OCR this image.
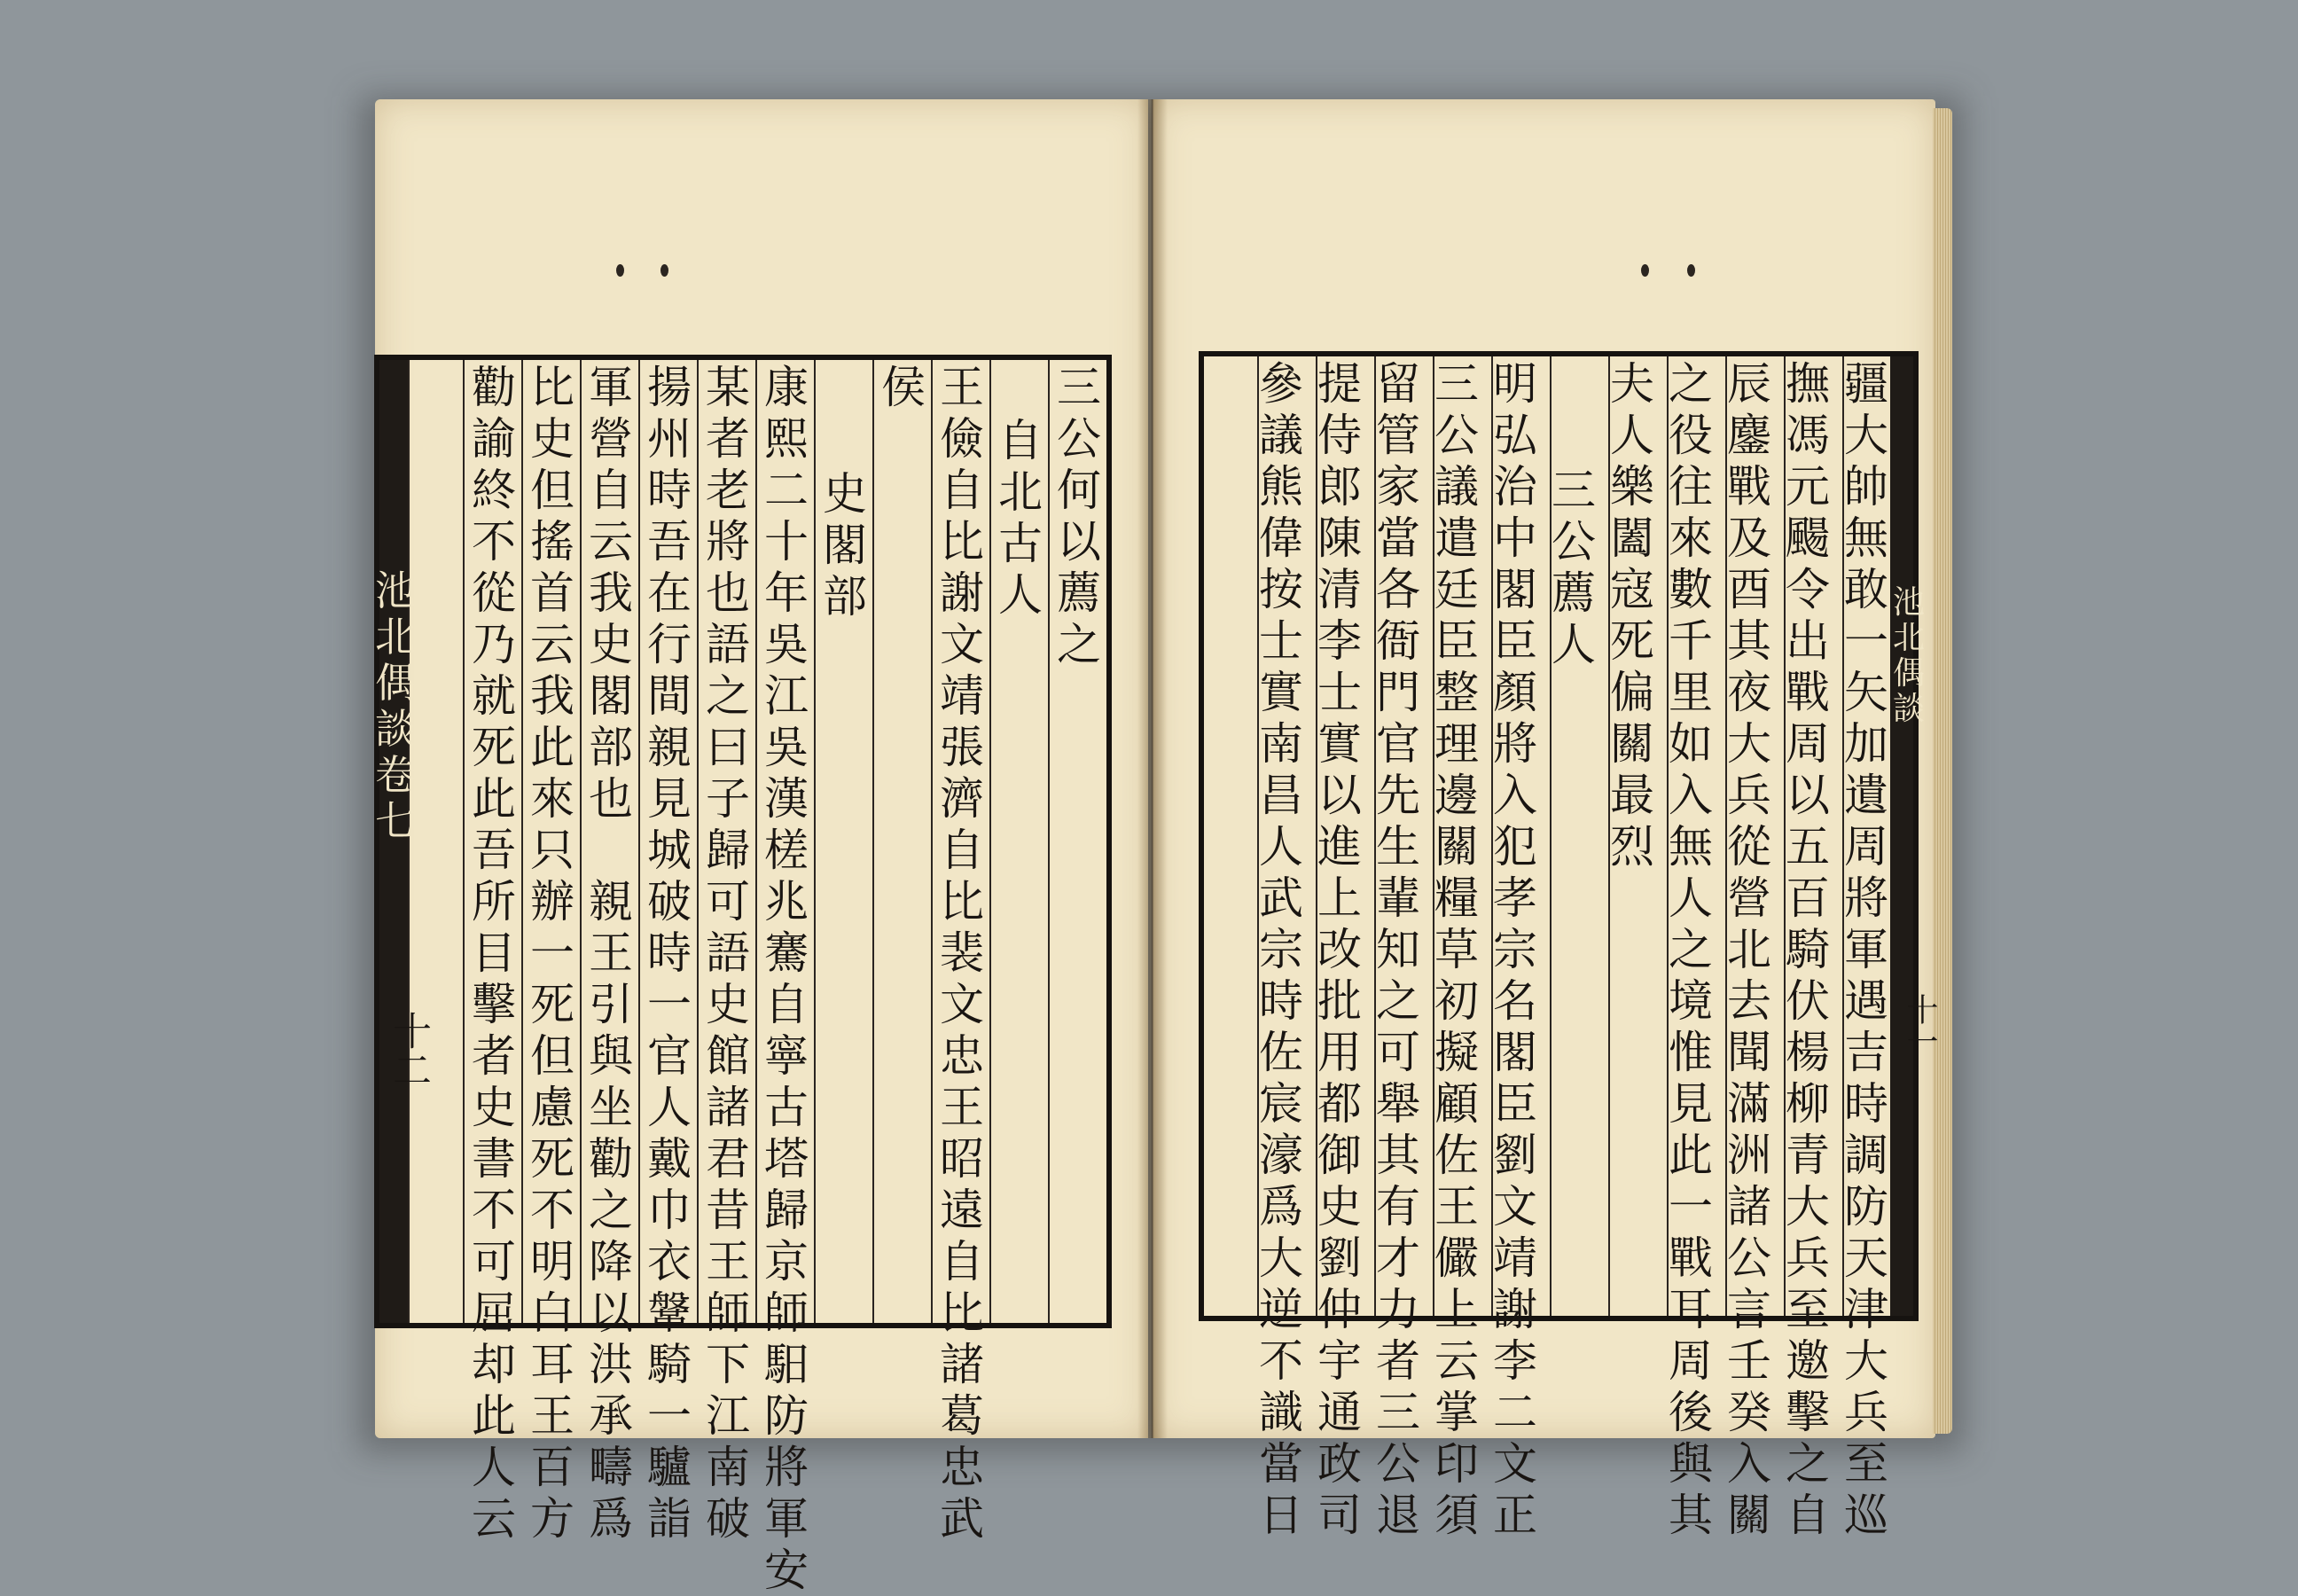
池
北
偶
談
卷
七
十二
三
公
何
以
薦
之
自
北
古
人
王
儉
自
比
謝
文
靖
張
濟
自
比
裴
文
忠
王
昭
遠
自
比
諸
葛
忠
武
侯
史
閣
部
康
熙
二
十
年
吳
江
吳
漢
槎
兆
騫
自
寧
古
塔
歸
京
師
馹
防
將
軍
安
某
者
老
將
也
語
之
曰
子
歸
可
語
史
館
諸
君
昔
王
師
下
江
南
破
揚
州
時
吾
在
行
間
親
見
城
破
時
一
官
人
戴
巾
衣
鞶
騎
一
驢
詣
軍
營
自
云
我
史
閣
部
也

親
王
引
與
坐
勸
之
降
以
洪
承
疇
爲
比
史
但
搖
首
云
我
此
來
只
辦
一
死
但
慮
死
不
明
白
耳
王
百
方
勸
諭
終
不
從
乃
就
死
此
吾
所
目
擊
者
史
書
不
可
屈
却
此
人
云
池
北
偶
談
十一
疆
大
帥
無
敢
一
矢
加
遺
周
將
軍
遇
吉
時
調
防
天
津
大
兵
至
巡
撫
馮
元
颺
令
出
戰
周
以
五
百
騎
伏
楊
柳
青
大
兵
至
邀
擊
之
自
辰
鏖
戰
及
酉
其
夜
大
兵
從
營
北
去
聞
滿
洲
諸
公
言
壬
癸
入
關
之
役
往
來
數
千
里
如
入
無
人
之
境
惟
見
此
一
戰
耳
周
後
與
其
夫
人
樂
闔
寇
死
偏
關
最
烈
三
公
薦
人
明
弘
治
中
閣
臣
顏
將
入
犯
孝
宗
名
閣
臣
劉
文
靖
謝
李
二
文
正
三
公
議
遣
廷
臣
整
理
邊
關
糧
草
初
擬
顧
佐
王
儼
上
云
掌
印
須
留
管
家
當
各
衙
門
官
先
生
輩
知
之
可
舉
其
有
才
力
者
三
公
退
提
侍
郎
陳
清
李
士
實
以
進
上
改
批
用
都
御
史
劉
仲
宇
通
政
司
參
議
熊
偉
按
士
實
南
昌
人
武
宗
時
佐
宸
濠
爲
大
逆
不
識
當
日
